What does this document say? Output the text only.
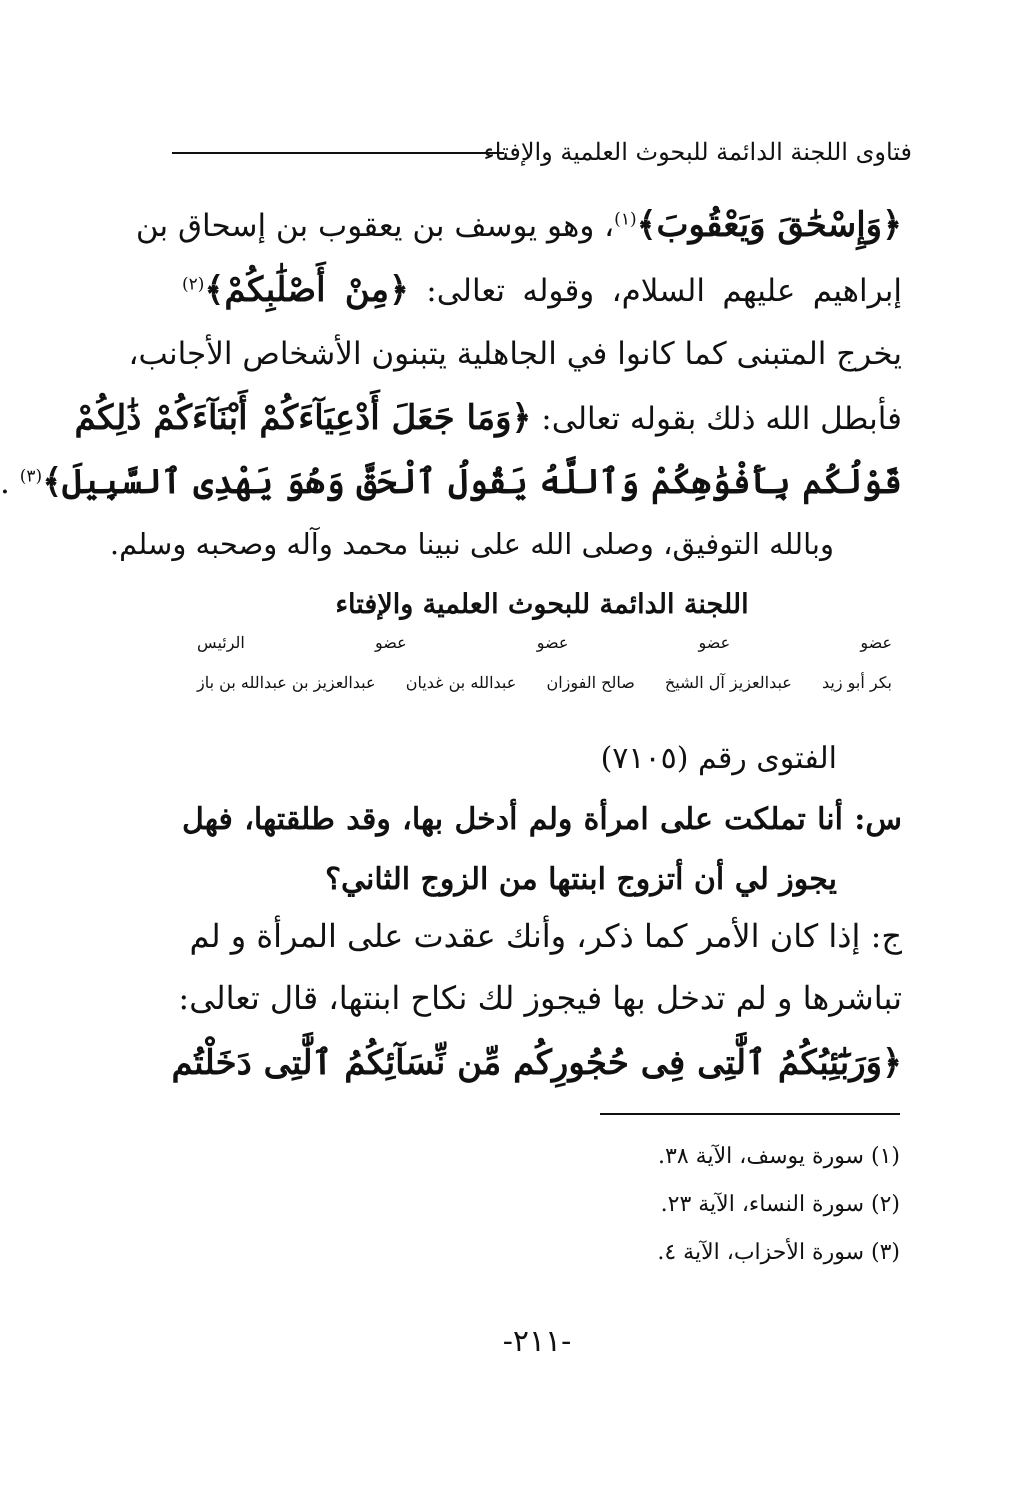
فتاوى اللجنة الدائمة للبحوث العلمية والإفتاء
﴿وَإِسْحَٰقَ وَيَعْقُوبَ﴾$^{(١)}$، وهو يوسف بن يعقوب بن إسحاق بن
إبراهيم عليهم السلام، وقوله تعالى: ﴿مِنْ أَصْلَٰبِكُمْ﴾$^{(٢)}$
يخرج المتبنى كما كانوا في الجاهلية يتبنون الأشخاص الأجانب،
فأبطل الله ذلك بقوله تعالى: ﴿وَمَا جَعَلَ أَدْعِيَآءَكُمْ أَبْنَآءَكُمْ ذَٰلِكُمْ
قَوْلُكُم بِأَفْوَٰهِكُمْ وَٱللَّهُ يَقُولُ ٱلْحَقَّ وَهُوَ يَهْدِى ٱلسَّبِيلَ﴾$^{(٣)}$ .
وبالله التوفيق، وصلى الله على نبينا محمد وآله وصحبه وسلم.
اللجنة الدائمة للبحوث العلمية والإفتاء
عضو
عضو
عضو
عضو
الرئيس
بكر أبو زيد
عبدالعزيز آل الشيخ
صالح الفوزان
عبدالله بن غديان
عبدالعزيز بن عبدالله بن باز
الفتوى رقم (٧١٠٥)
س: أنا تملكت على امرأة ولم أدخل بها، وقد طلقتها، فهل
يجوز لي أن أتزوج ابنتها من الزوج الثاني؟
ج: إذا كان الأمر كما ذكر، وأنك عقدت على المرأة و لم
تباشرها و لم تدخل بها فيجوز لك نكاح ابنتها، قال تعالى:
﴿وَرَبَٰٓئِبُكُمُ ٱلَّٰتِى فِى حُجُورِكُم مِّن نِّسَآئِكُمُ ٱلَّٰتِى دَخَلْتُم
(١) سورة يوسف، الآية ٣٨.
(٢) سورة النساء، الآية ٢٣.
(٣) سورة الأحزاب، الآية ٤.
-٢١١-
